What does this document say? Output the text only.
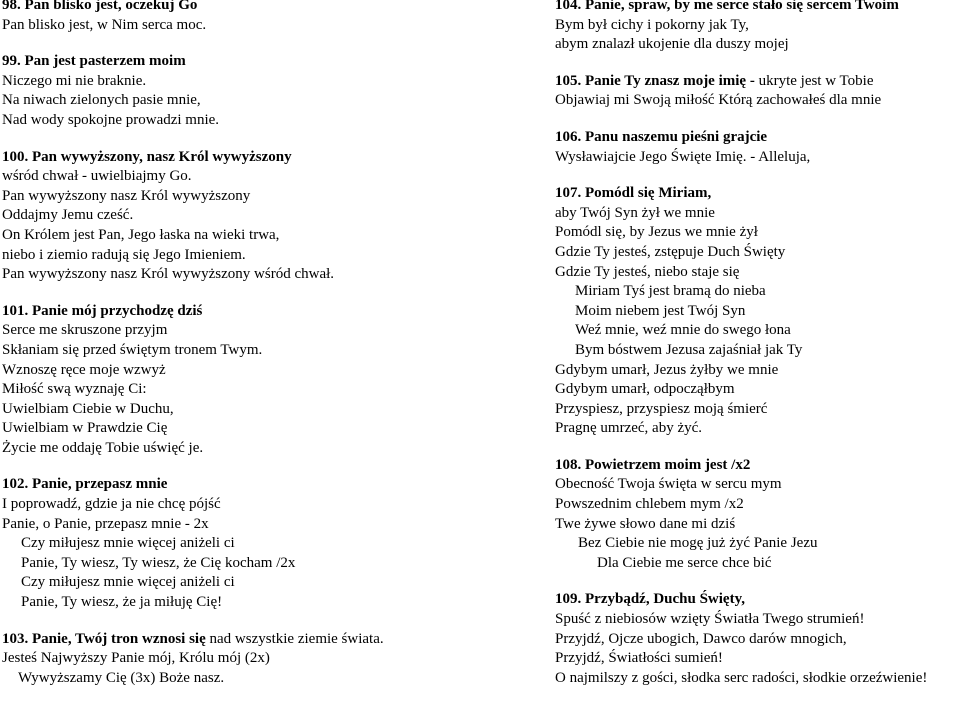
98. Pan blisko jest, oczekuj Go
Pan blisko jest, w Nim serca moc.
99. Pan jest pasterzem moim
Niczego mi nie braknie.
Na niwach zielonych pasie mnie,
Nad wody spokojne prowadzi mnie.
100. Pan wywyższony, nasz Król wywyższony
wśród chwał - uwielbiajmy Go.
Pan wywyższony nasz Król wywyższony
Oddajmy Jemu cześć.
On Królem jest Pan, Jego łaska na wieki trwa,
niebo i ziemio radują się Jego Imieniem.
Pan wywyższony nasz Król wywyższony wśród chwał.
101. Panie mój przychodzę dziś
Serce me skruszone przyjm
Skłaniam się przed świętym tronem Twym.
Wznoszę ręce moje wzwyż
Miłość swą wyznaję Ci:
Uwielbiam Ciebie w Duchu,
Uwielbiam w Prawdzie Cię
Życie me oddaję Tobie uświęć je.
102. Panie, przepasz mnie
I poprowadź, gdzie ja nie chcę pójść
Panie, o Panie, przepasz mnie - 2x
Czy miłujesz mnie więcej aniżeli ci
Panie, Ty wiesz, Ty wiesz, że Cię kocham /2x
Czy miłujesz mnie więcej aniżeli ci
Panie, Ty wiesz, że ja miłuję Cię!
103. Panie, Twój tron wznosi się nad wszystkie ziemie świata.
Jesteś Najwyższy Panie mój, Królu mój (2x)
Wywyższamy Cię (3x) Boże nasz.
104. Panie, spraw, by me serce stało się sercem Twoim
Bym był cichy i pokorny jak Ty,
abym znalazł ukojenie dla duszy mojej
105. Panie Ty znasz moje imię - ukryte jest w Tobie
Objawiaj mi Swoją miłość Którą zachowałeś dla mnie
106. Panu naszemu pieśni grajcie
Wysławiajcie Jego Święte Imię. - Alleluja,
107. Pomódl się Miriam,
aby Twój Syn żył we mnie
Pomódl się, by Jezus we mnie żył
Gdzie Ty jesteś, zstępuje Duch Święty
Gdzie Ty jesteś, niebo staje się
Miriam Tyś jest bramą do nieba
Moim niebem jest Twój Syn
Weź mnie, weź mnie do swego łona
Bym bóstwem Jezusa zajaśniał jak Ty
Gdybym umarł, Jezus żyłby we mnie
Gdybym umarł, odpocząłbym
Przyspiesz, przyspiesz moją śmierć
Pragnę umrzeć, aby żyć.
108. Powietrzem moim jest /x2
Obecność Twoja święta w sercu mym
Powszednim chlebem mym /x2
Twe żywe słowo dane mi dziś
Bez Ciebie nie mogę już żyć Panie Jezu
Dla Ciebie me serce chce bić
109. Przybądź, Duchu Święty,
Spuść z niebiosów wzięty Światła Twego strumień!
Przyjdź, Ojcze ubogich, Dawco darów mnogich,
Przyjdź, Światłości sumień!
O najmilszy z gości, słodka serc radości, słodkie orzeźwienie!
